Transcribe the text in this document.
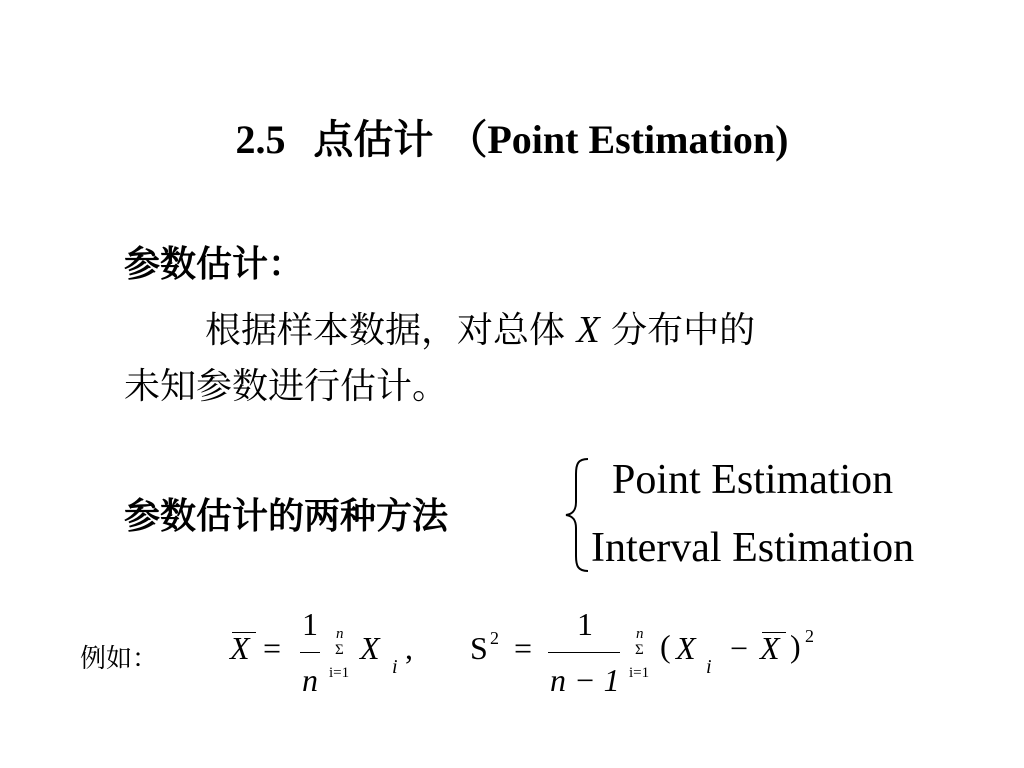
2.5 点估计 （Point Estimation)
参数估计：
根据样本数据，对总体 X 分布中的
未知参数进行估计。
参数估计的两种方法
Point Estimation
Interval Estimation
例如： X =
1
n
n
Σ
i=1
X
i
, S 2 =
1
n − 1
n
Σ
i=1
( X
i
− X ) 2
